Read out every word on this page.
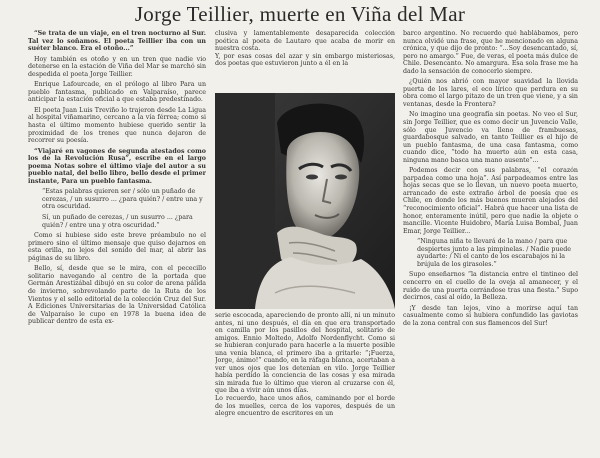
Jorge Teillier, muerte en Viña del Mar

“Se trata de un viaje, en el tren nocturno al Sur. Tal vez lo soñamos. El poeta Teillier iba con un suéter blanco. Era el otoño...”

Hoy también es otoño y en un tren que nadie vio detenerse en la estación de Viña del Mar se marchó sin despedida el poeta Jorge Teillier.

Enrique Lafourcade, en el prólogo al libro Para un pueblo fantasma, publicado en Valparaíso, parece anticipar la estación oficial a que estaba predestinado.

El poeta Juan Luis Treviño lo trajeron desde La Ligua al hospital viñamarino, cercano a la vía férrea; como si hasta el último momento hubiese querido sentir la proximidad de los trenes que nunca dejaron de recorrer su poesía.

“Viajaré en vagones de segunda atestados como los de la Revolución Rusa”, escribe en el largo poema Notas sobre el último viaje del autor a su pueblo natal, del bello libro, bello desde el primer instante, Para un pueblo fantasma.

“Estas palabras quieren ser / sólo un puñado de cerezas, / un susurro ... ¿para quién? / entre una y otra oscuridad.

Sí, un puñado de cerezas, / un susurro ... ¿para quién? / entre una y otra oscuridad.”

Como si hubiese sido este breve préambulo no el primero sino el último mensaje que quiso dejarnos en esta orilla, no lejos del sonido del mar, al abrir las páginas de su libro.

Bello, sí, desde que se le mira, con el pececillo solitario navegando al centro de la portada que Germán Arestizábal dibujó en su color de arena pálida de invierno, sobrevolando parte de la Ruta de los Vientos y el sello editorial de la colección Cruz del Sur. A Ediciones Universitarias de la Universidad Católica de Valparaíso le cupo en 1978 la buena idea de publicar dentro de esta ex-

clusiva y lamentablemente desaparecida colección poética al poeta de Lautaro que acaba de morir en nuestra costa.
Y, por esas cosas del azar y sin embargo misteriosas, dos poetas que estuvieron junto a él en la
serie escocada, apareciendo de pronto allí, ni un minuto antes, ni uno después, el día en que era transportado en camilla por los pasillos del hospital, solitario de amigos. Ennio Moltedo, Adolfo Nordenflycht. Como si se hubieran conjurado para hacerle a la muerte posible una venia blanca, el primero iba a gritarle: “¡Fuerza, Jorge, ánimo!” cuando, en la ráfaga blanca, acertaban a ver unos ojos que los detenían en vilo. Jorge Teillier había perdido la conciencia de las cosas y esa mirada sin mirada fue lo último que vieron al cruzarse con él, que iba a vivir aún unos días.
Lo recuerdo, hace unos años, caminando por el borde de los muelles, cerca de los vapores, después de un alegre encuentro de escritores en un

barco argentino. No recuerdo qué hablábamos, pero nunca olvidé una frase, que he mencionado en alguna crónica, y que dijo de pronto: “...Soy desencantado, sí, pero no amargo.” Fue, de veras, el poeta más dulce de Chile. Desencanto. No amargura. Esa sola frase me ha dado la sensación de conocerlo siempre.

¿Quién nos abrió con mayor suavidad la llovida puerta de los lares, el eco lírico que perdura en su obra como el largo pitazo de un tren que viene, y a sin ventanas, desde la Frontera?

No imagino una geografía sin poetas. No veo el Sur, sin Jorge Teillier, que es como decir un Juvencio Valle, sólo que Juvencio va lleno de frambuesas, guardabosque salvado, en tanto Teillier es el hijo de un pueblo fantasma, de una casa fantasma, como cuando dice, “todo ha muerto aún en esta casa, ninguna mano basca una mano ausente”...

Podemos decir con sus palabras, “el corazón parpadea como una hoja”. Así parpadeamos entre las hojas secas que se lo llevan, un nuevo poeta muerto, arrancado de este extraño árbol de poesía que es Chile, en donde los más buenos mueren alejados del “reconocimiento oficial”. Habrá que hacer una lista de honor, enteramente inútil, pero que nadie la objete o mancille. Vicente Huidobro, María Luisa Bombal, Juan Emar, Jorge Teillier...

“Ninguna niña te llevará de la mano / para que despiertes junto a las pimpinelas. / Nadie puede ayudarte: / Ni el canto de los escarabajos ni la brújula de los girasoles.”

Supo enseñarnos “la distancia entre el tintineo del cencerro en el cuello de la oveja al amanecer, y el ruido de una puerta cerrándose tras una fiesta.” Supo decirnos, casi al oído, la Belleza.

¡Y desde tan lejos, vino a morirse aquí tan casualmente como si hubiera confundido las gaviotas de la zona central con sus flamencos del Sur!
